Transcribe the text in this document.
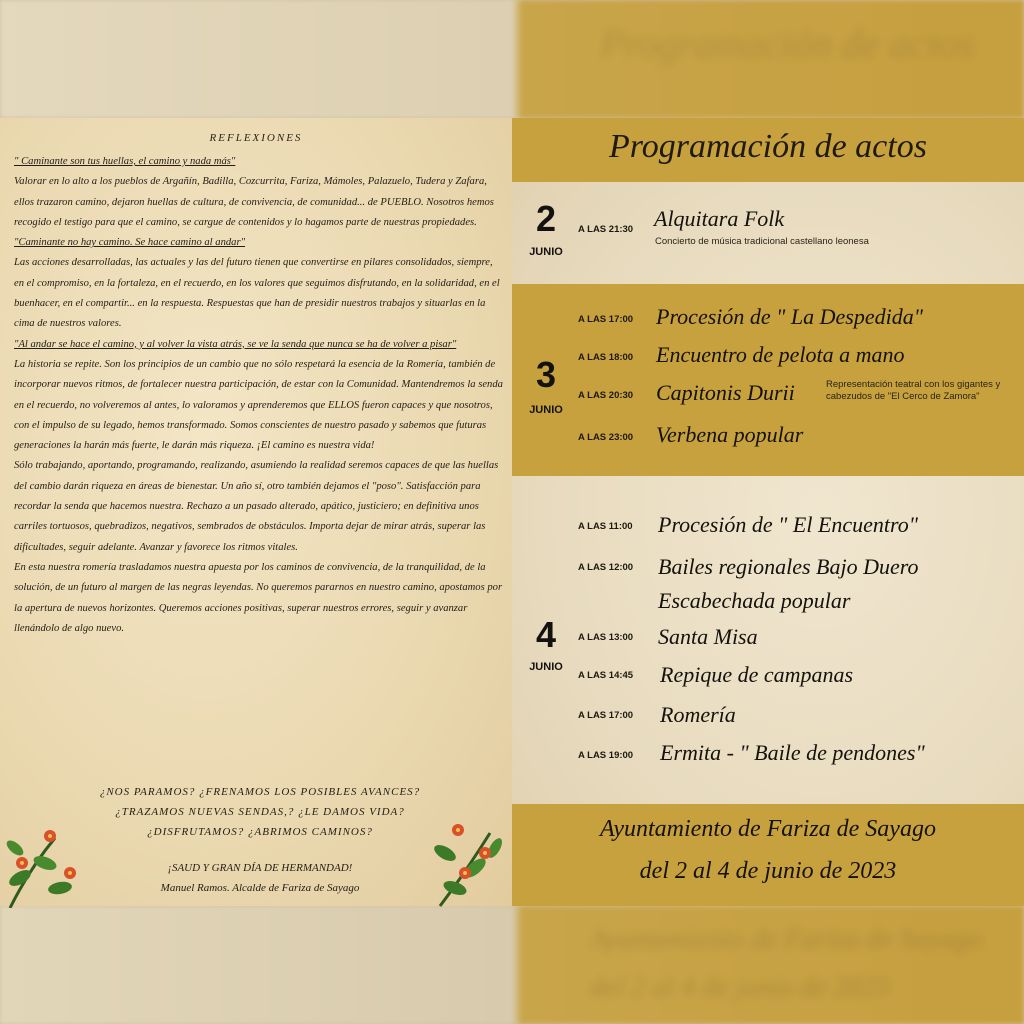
Programación de actos
Ayuntamiento de Fariza de Sayago
del 2 al 4 de junio de 2023
REFLEXIONES

" Caminante son tus huellas, el camino y nada más"

Valorar en lo alto a los pueblos de Argañín, Badilla, Cozcurrita, Fariza, Mámoles, Palazuelo, Tudera y Zafara, ellos trazaron camino, dejaron huellas de cultura, de convivencia, de comunidad... de PUEBLO. Nosotros hemos recogido el testigo para que el camino, se cargue de contenidos y lo hagamos parte de nuestras propiedades.

"Caminante no hay camino. Se hace camino al andar"

Las acciones desarrolladas, las actuales y las del futuro tienen que convertirse en pilares consolidados, siempre, en el compromiso, en la fortaleza, en el recuerdo, en los valores que seguimos disfrutando, en la solidaridad, en el buenhacer, en el compartir... en la respuesta. Respuestas que han de presidir nuestros trabajos y situarlas en la cima de nuestros valores.

"Al andar se hace el camino, y al volver la vista atrás, se ve la senda que nunca se ha de volver a pisar"

La historia se repite. Son los principios de un cambio que no sólo respetará la esencia de la Romería, también de incorporar nuevos ritmos, de fortalecer nuestra participación, de estar con la Comunidad. Mantendremos la senda en el recuerdo, no volveremos al antes, lo valoramos y aprenderemos que ELLOS fueron capaces y que nosotros, con el impulso de su legado, hemos transformado. Somos conscientes de nuestro pasado y sabemos que futuras generaciones la harán más fuerte, le darán más riqueza. ¡El camino es nuestra vida!

Sólo trabajando, aportando, programando, realizando, asumiendo la realidad seremos capaces de que las huellas del cambio darán riqueza en áreas de bienestar. Un año sí, otro también dejamos el "poso". Satisfacción para recordar la senda que hacemos nuestra. Rechazo a un pasado alterado, apático, justiciero; en definitiva unos carriles tortuosos, quebradizos, negativos, sembrados de obstáculos. Importa dejar de mirar atrás, superar las dificultades, seguir adelante. Avanzar y favorece los ritmos vitales.

En esta nuestra romería trasladamos nuestra apuesta por los caminos de convivencia, de la tranquilidad, de la solución, de un futuro al margen de las negras leyendas. No queremos pararnos en nuestro camino, apostamos por la apertura de nuevos horizontes. Queremos acciones positivas, superar nuestros errores, seguir y avanzar llenándolo de algo nuevo.

¿NOS PARAMOS? ¿FRENAMOS LOS POSIBLES AVANCES?
¿TRAZAMOS NUEVAS SENDAS,? ¿LE DAMOS VIDA?
¿DISFRUTAMOS? ¿ABRIMOS CAMINOS?
¡SAUD Y GRAN DÍA DE HERMANDAD!
Manuel Ramos. Alcalde de Fariza de Sayago
Programación de actos
2
JUNIO
A LAS 21:30 Alquitara Folk
Concierto de música tradicional castellano leonesa
3
JUNIO
A LAS 17:00 Procesión de " La Despedida"
A LAS 18:00 Encuentro de pelota a mano
A LAS 20:30 Capitonis Durii	Representación teatral con los gigantes y cabezudos de "El Cerco de Zamora"
A LAS 23:00 Verbena popular
4
JUNIO
A LAS 11:00 Procesión de " El Encuentro"
A LAS 12:00 Bailes regionales Bajo Duero
Escabechada popular
A LAS 13:00 Santa Misa
A LAS 14:45 Repique de campanas
A LAS 17:00 Romería
A LAS 19:00 Ermita - " Baile de pendones"
Ayuntamiento de Fariza de Sayago
del 2 al 4 de junio de 2023
